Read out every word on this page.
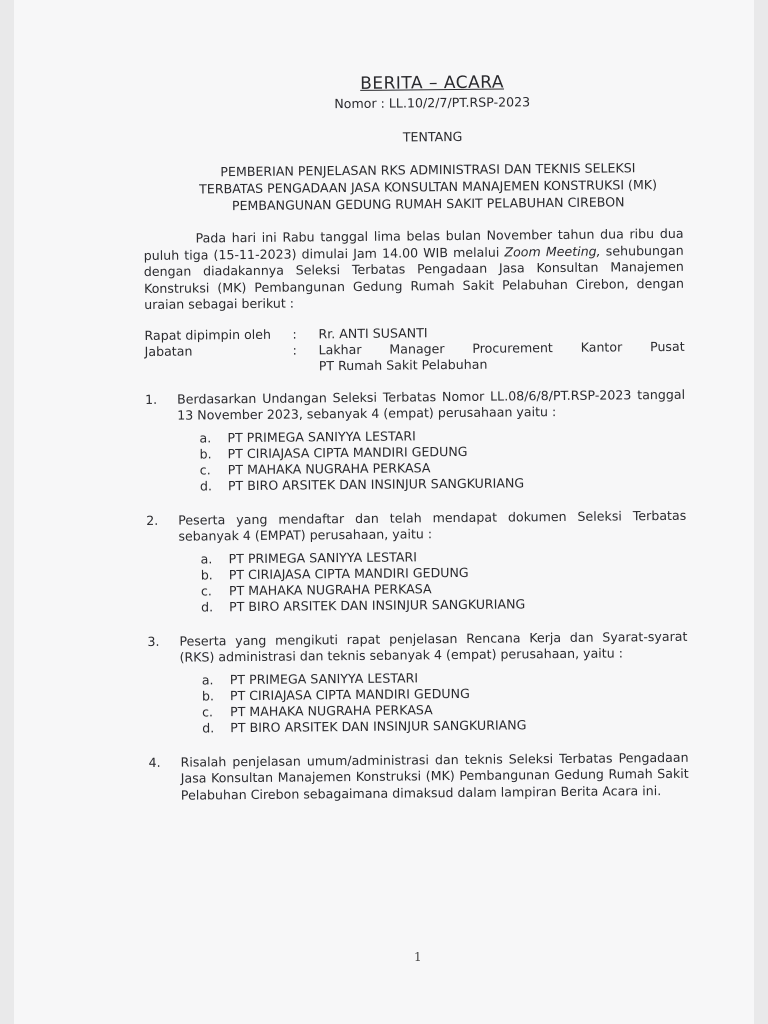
BERITA – ACARA
Nomor : LL.10/2/7/PT.RSP-2023
TENTANG
PEMBERIAN PENJELASAN RKS ADMINISTRASI DAN TEKNIS SELEKSI
TERBATAS PENGADAAN JASA KONSULTAN MANAJEMEN KONSTRUKSI (MK)
PEMBANGUNAN GEDUNG RUMAH SAKIT PELABUHAN CIREBON
Pada hari ini Rabu tanggal lima belas bulan November tahun dua ribu dua puluh tiga (15-11-2023) dimulai Jam 14.00 WIB melalui Zoom Meeting, sehubungan dengan diadakannya Seleksi Terbatas Pengadaan Jasa Konsultan Manajemen Konstruksi (MK) Pembangunan Gedung Rumah Sakit Pelabuhan Cirebon, dengan uraian sebagai berikut :
Rapat dipimpin oleh	:	Rr. ANTI SUSANTI
Jabatan	:	Lakhar Manager Procurement Kantor Pusat
PT Rumah Sakit Pelabuhan
1.	Berdasarkan Undangan Seleksi Terbatas Nomor LL.08/6/8/PT.RSP-2023 tanggal 13 November 2023, sebanyak 4 (empat) perusahaan yaitu :
a.	PT PRIMEGA SANIYYA LESTARI
b.	PT CIRIAJASA CIPTA MANDIRI GEDUNG
c.	PT MAHAKA NUGRAHA PERKASA
d.	PT BIRO ARSITEK DAN INSINJUR SANGKURIANG
2.	Peserta yang mendaftar dan telah mendapat dokumen Seleksi Terbatas sebanyak 4 (EMPAT) perusahaan, yaitu :
a.	PT PRIMEGA SANIYYA LESTARI
b.	PT CIRIAJASA CIPTA MANDIRI GEDUNG
c.	PT MAHAKA NUGRAHA PERKASA
d.	PT BIRO ARSITEK DAN INSINJUR SANGKURIANG
3.	Peserta yang mengikuti rapat penjelasan Rencana Kerja dan Syarat-syarat (RKS) administrasi dan teknis sebanyak 4 (empat) perusahaan, yaitu :
a.	PT PRIMEGA SANIYYA LESTARI
b.	PT CIRIAJASA CIPTA MANDIRI GEDUNG
c.	PT MAHAKA NUGRAHA PERKASA
d.	PT BIRO ARSITEK DAN INSINJUR SANGKURIANG
4.	Risalah penjelasan umum/administrasi dan teknis Seleksi Terbatas Pengadaan Jasa Konsultan Manajemen Konstruksi (MK) Pembangunan Gedung Rumah Sakit Pelabuhan Cirebon sebagaimana dimaksud dalam lampiran Berita Acara ini.
1
